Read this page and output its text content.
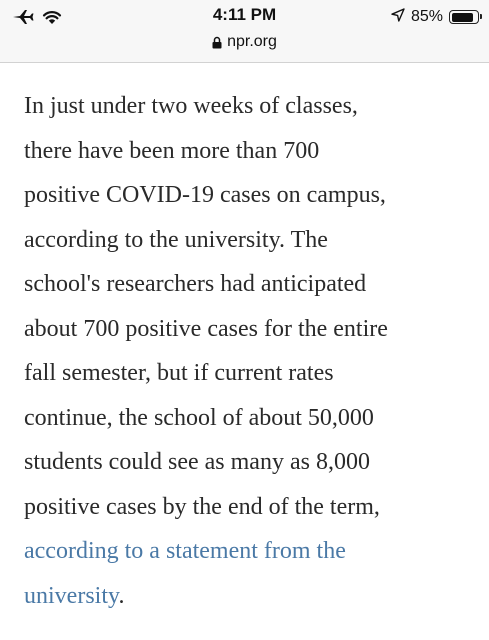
4:11 PM	85%
npr.org

In just under two weeks of classes,
there have been more than 700
positive COVID-19 cases on campus,
according to the university. The
school's researchers had anticipated
about 700 positive cases for the entire
fall semester, but if current rates
continue, the school of about 50,000
students could see as many as 8,000
positive cases by the end of the term,
according to a statement from the
university.
